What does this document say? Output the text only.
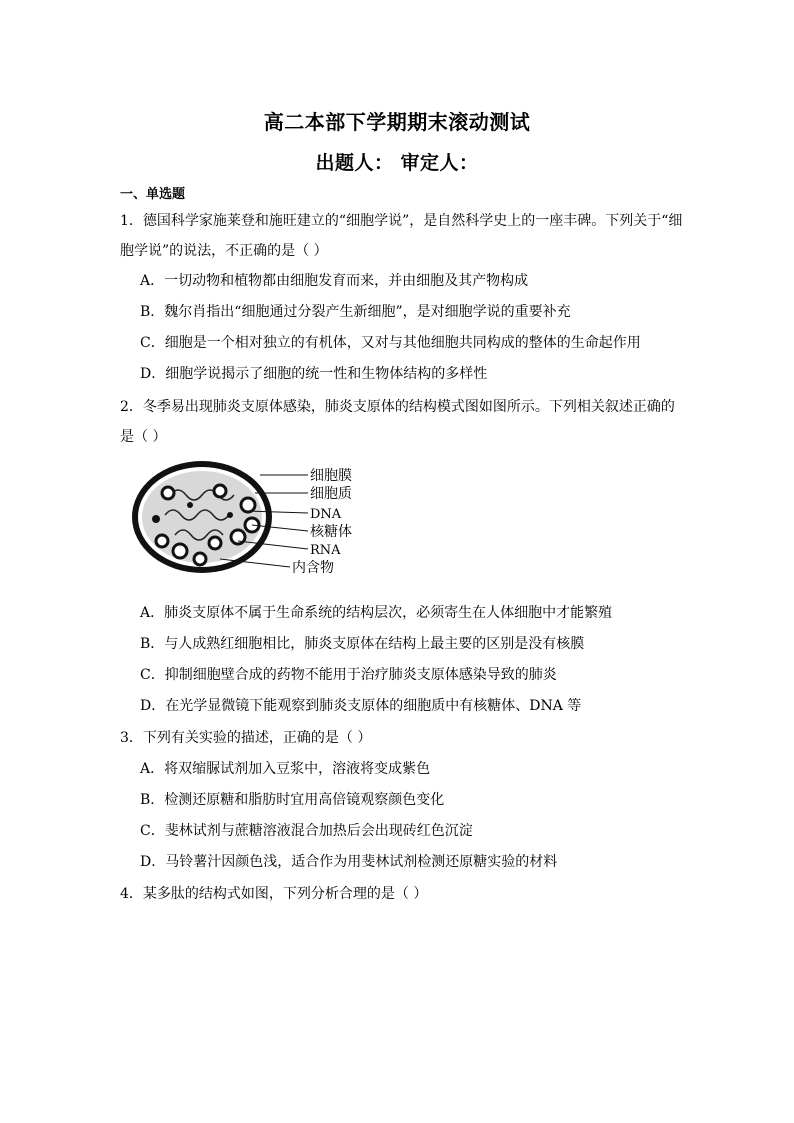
高二本部下学期期末滚动测试
出题人： 审定人：
一、单选题
1．德国科学家施莱登和施旺建立的“细胞学说”，是自然科学史上的一座丰碑。下列关于“细
胞学说”的说法，不正确的是（ ）
A．一切动物和植物都由细胞发育而来，并由细胞及其产物构成
B．魏尔肖指出“细胞通过分裂产生新细胞”，是对细胞学说的重要补充
C．细胞是一个相对独立的有机体，又对与其他细胞共同构成的整体的生命起作用
D．细胞学说揭示了细胞的统一性和生物体结构的多样性
2．冬季易出现肺炎支原体感染，肺炎支原体的结构模式图如图所示。下列相关叙述正确的
是（ ）
细胞膜
细胞质
DNA
核糖体
RNA
内含物
A．肺炎支原体不属于生命系统的结构层次，必须寄生在人体细胞中才能繁殖
B．与人成熟红细胞相比，肺炎支原体在结构上最主要的区别是没有核膜
C．抑制细胞壁合成的药物不能用于治疗肺炎支原体感染导致的肺炎
D．在光学显微镜下能观察到肺炎支原体的细胞质中有核糖体、DNA 等
3．下列有关实验的描述，正确的是（ ）
A．将双缩脲试剂加入豆浆中，溶液将变成紫色
B．检测还原糖和脂肪时宜用高倍镜观察颜色变化
C．斐林试剂与蔗糖溶液混合加热后会出现砖红色沉淀
D．马铃薯汁因颜色浅，适合作为用斐林试剂检测还原糖实验的材料
4．某多肽的结构式如图，下列分析合理的是（ ）
